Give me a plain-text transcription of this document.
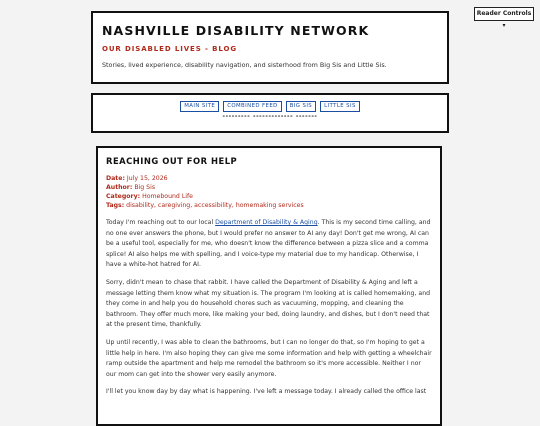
Reader Controls ▾
NASHVILLE DISABILITY NETWORK
OUR DISABLED LIVES - BLOG
Stories, lived experience, disability navigation, and sisterhood from Big Sis and Little Sis.
MAIN SITE COMBINED FEED BIG SIS LITTLE SIS
--------- ------------- -------
REACHING OUT FOR HELP
Date: July 15, 2026
Author: Big Sis
Category: Homebound Life
Tags: disability, caregiving, accessibility, homemaking services

Today I'm reaching out to our local Department of Disability & Aging. This is my second time calling, and no one ever answers the phone, but I would prefer no answer to AI any day! Don't get me wrong, AI can be a useful tool, especially for me, who doesn't know the difference between a pizza slice and a comma splice! AI also helps me with spelling, and I voice-type my material due to my handicap. Otherwise, I have a white-hot hatred for AI.

Sorry, didn't mean to chase that rabbit. I have called the Department of Disability & Aging and left a message letting them know what my situation is. The program I'm looking at is called homemaking, and they come in and help you do household chores such as vacuuming, mopping, and cleaning the bathroom. They offer much more, like making your bed, doing laundry, and dishes, but I don't need that at the present time, thankfully.

Up until recently, I was able to clean the bathrooms, but I can no longer do that, so I'm hoping to get a little help in here. I'm also hoping they can give me some information and help with getting a wheelchair ramp outside the apartment and help me remodel the bathroom so it's more accessible. Neither I nor our mom can get into the shower very easily anymore.

I'll let you know day by day what is happening. I've left a message today. I already called the office last
